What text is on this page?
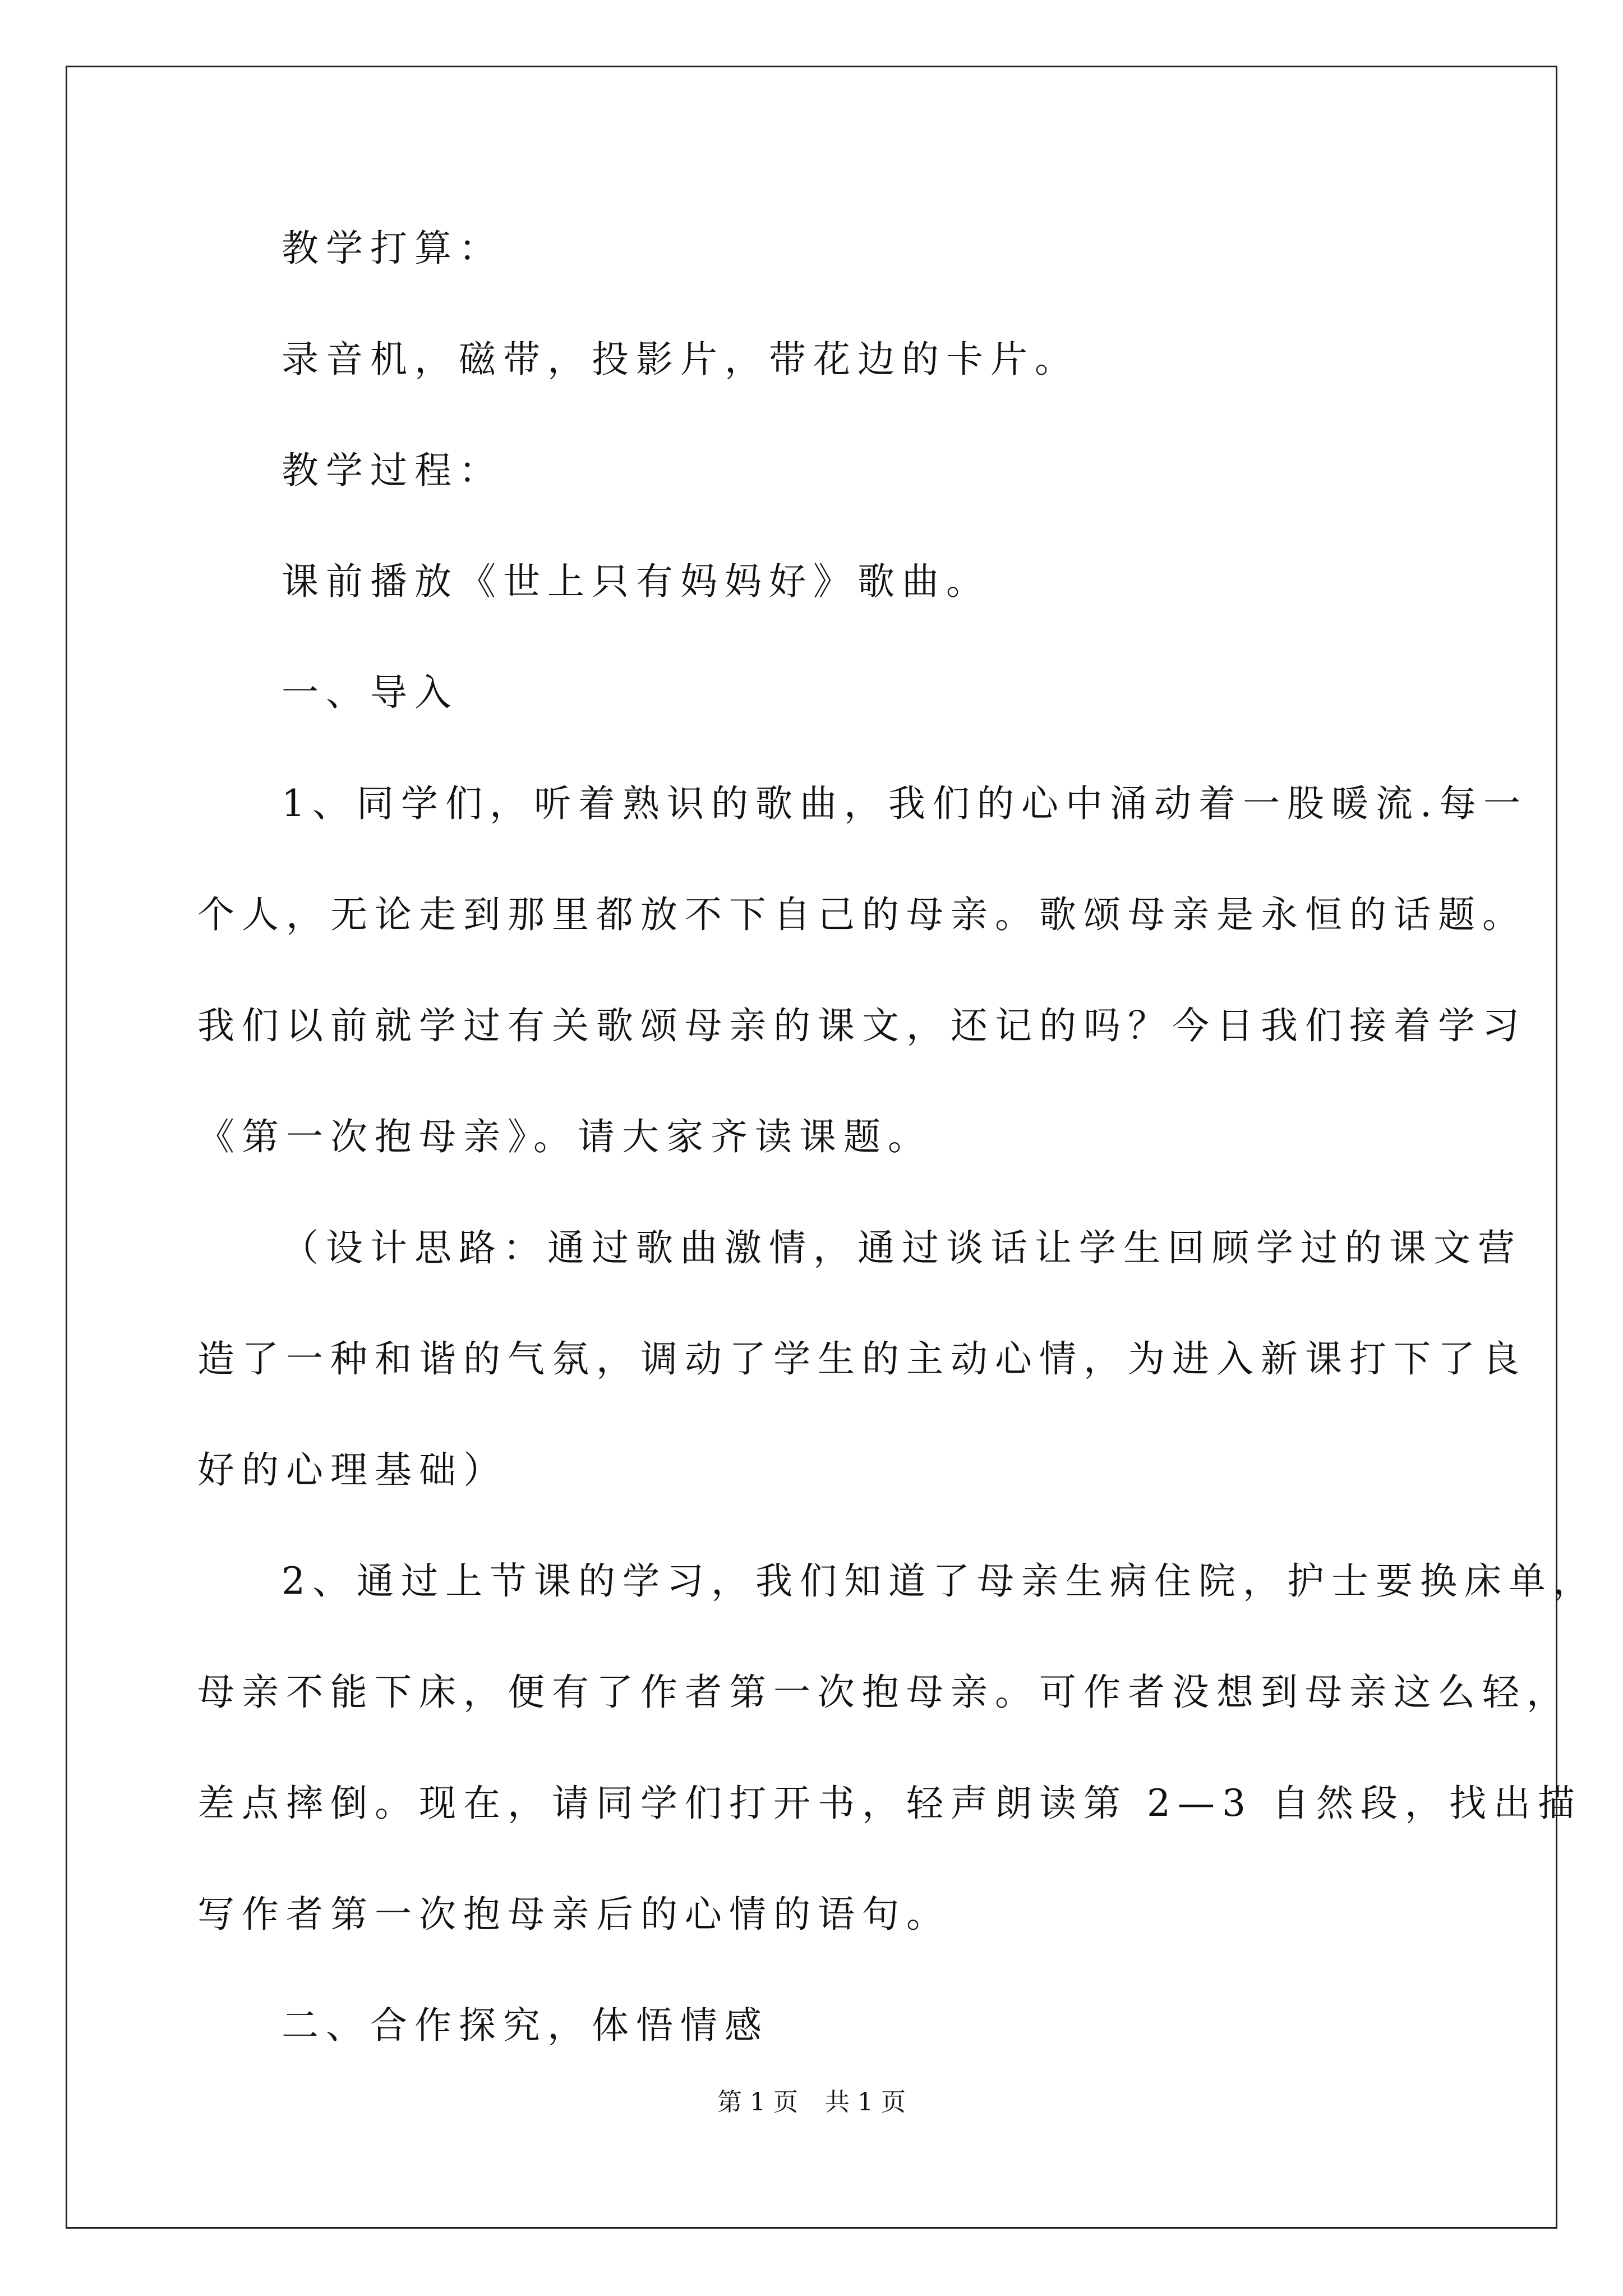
教学打算：
录音机，磁带，投影片，带花边的卡片。
教学过程：
课前播放《世上只有妈妈好》歌曲。
一、导入
1、同学们，听着熟识的歌曲，我们的心中涌动着一股暖流.每一
个人，无论走到那里都放不下自己的母亲。歌颂母亲是永恒的话题。
我们以前就学过有关歌颂母亲的课文，还记的吗？今日我们接着学习
《第一次抱母亲》。请大家齐读课题。
（设计思路：通过歌曲激情，通过谈话让学生回顾学过的课文营
造了一种和谐的气氛，调动了学生的主动心情，为进入新课打下了良
好的心理基础）
2、通过上节课的学习，我们知道了母亲生病住院，护士要换床单，
母亲不能下床，便有了作者第一次抱母亲。可作者没想到母亲这么轻，
差点摔倒。现在，请同学们打开书，轻声朗读第 2—3 自然段，找出描
写作者第一次抱母亲后的心情的语句。
二、合作探究，体悟情感
第 1 页 共 1 页
